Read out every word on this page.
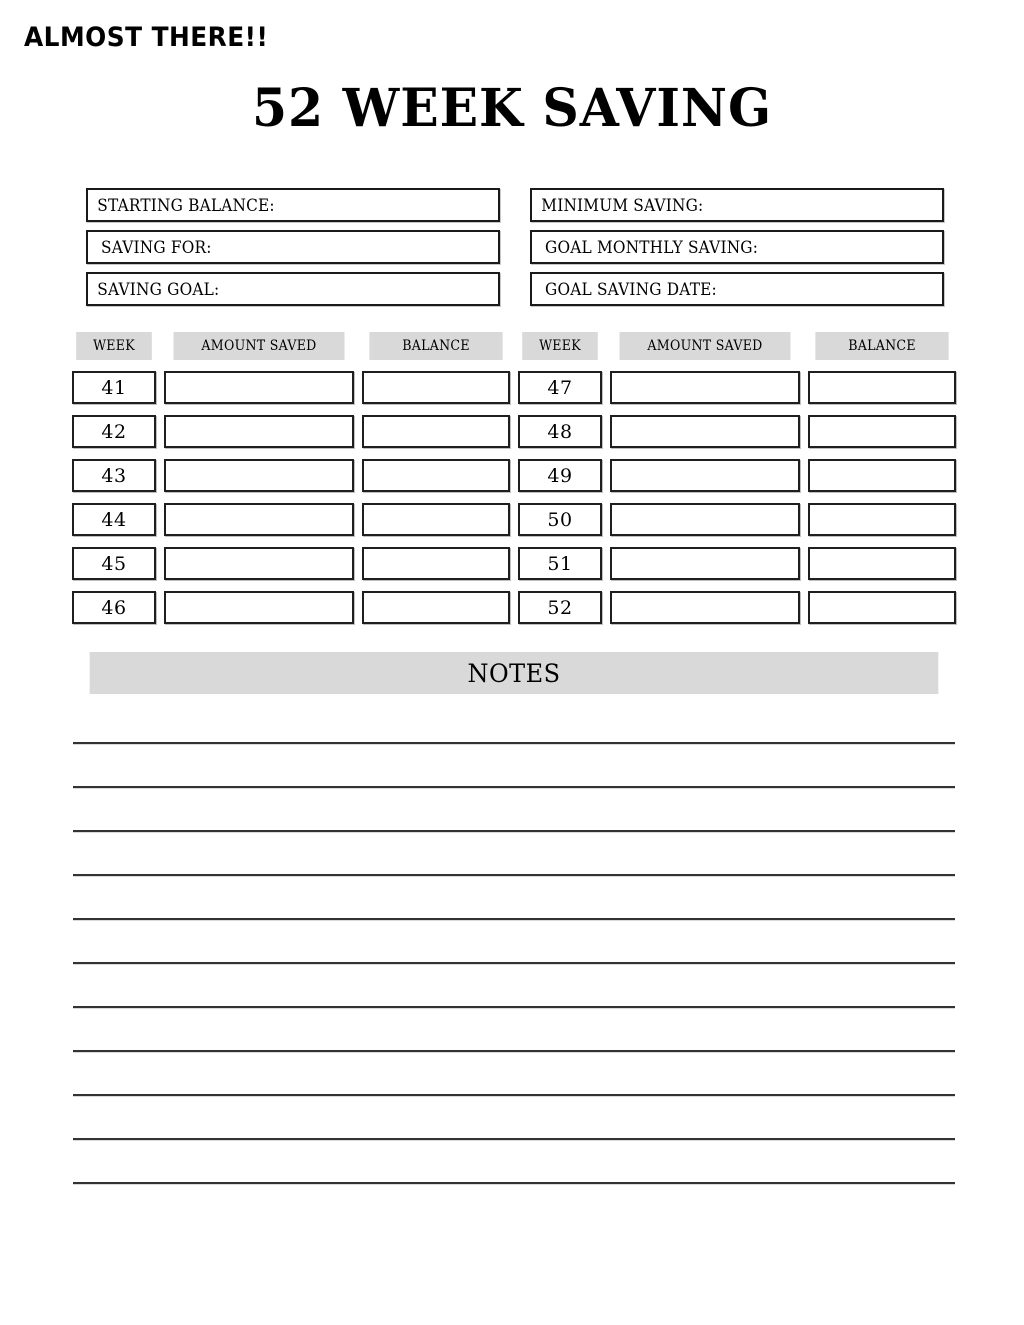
ALMOST THERE!!
52 WEEK SAVING
STARTING BALANCE:	MINIMUM SAVING:
SAVING FOR:	GOAL MONTHLY SAVING:
SAVING GOAL:	GOAL SAVING DATE:
WEEK	AMOUNT SAVED	BALANCE
41
42
43
44
45
46
WEEK	AMOUNT SAVED	BALANCE
47
48
49
50
51
52
NOTES
